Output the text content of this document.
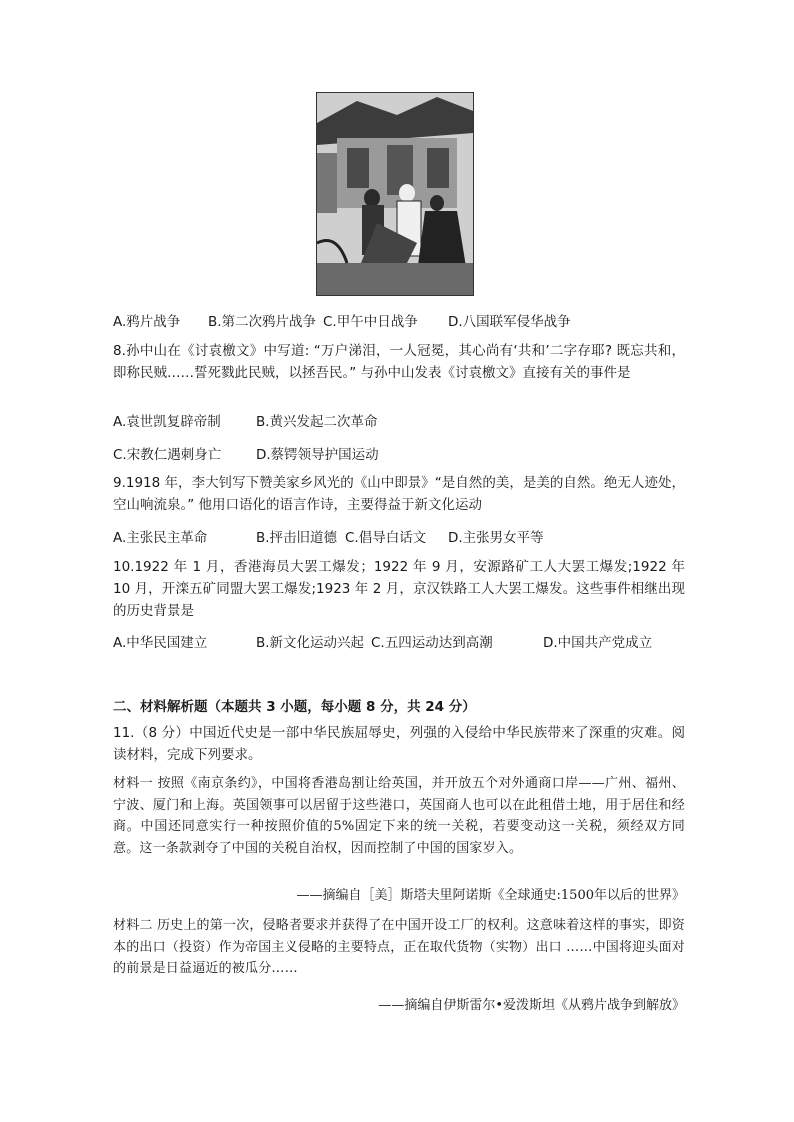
A.鸦片战争 B.第二次鸦片战争 C.甲午中日战争 D.八国联军侵华战争
8.孙中山在《讨袁檄文》中写道: “万户涕泪，一人冠冕，其心尚有‘共和’二字存耶? 既忘共和，即称民贼……誓死戮此民贼，以拯吾民。” 与孙中山发表《讨袁檄文》直接有关的事件是
A.袁世凯复辟帝制	B.黄兴发起二次革命
C.宋教仁遇刺身亡	D.蔡锷领导护国运动
9.1918 年，李大钊写下赞美家乡风光的《山中即景》“是自然的美，是美的自然。绝无人迹处，空山响流泉。” 他用口语化的语言作诗，主要得益于新文化运动
A.主张民主革命	B.抨击旧道德 C.倡导白话文 D.主张男女平等
10.1922 年 1 月，香港海员大罢工爆发；1922 年 9 月，安源路矿工人大罢工爆发;1922 年 10 月，开滦五矿同盟大罢工爆发;1923 年 2 月，京汉铁路工人大罢工爆发。这些事件相继出现的历史背景是
A.中华民国建立	B.新文化运动兴起 C.五四运动达到高潮	D.中国共产党成立
二、材料解析题（本题共 3 小题，每小题 8 分，共 24 分）
11.（8 分）中国近代史是一部中华民族屈辱史，列强的入侵给中华民族带来了深重的灾难。阅读材料，完成下列要求。
材料一 按照《南京条约》，中国将香港岛割让给英国，并开放五个对外通商口岸——广州、福州、宁波、厦门和上海。英国领事可以居留于这些港口，英国商人也可以在此租借土地，用于居住和经商。中国还同意实行一种按照价值的5%固定下来的统一关税，若要变动这一关税，须经双方同意。这一条款剥夺了中国的关税自治权，因而控制了中国的国家岁入。
——摘编自［美］斯塔夫里阿诺斯《全球通史:1500年以后的世界》
材料二 历史上的第一次，侵略者要求并获得了在中国开设工厂的权利。这意味着这样的事实，即资本的出口（投资）作为帝国主义侵略的主要特点，正在取代货物（实物）出口 ……中国将迎头面对的前景是日益逼近的被瓜分……
——摘编自伊斯雷尔•爱泼斯坦《从鸦片战争到解放》
